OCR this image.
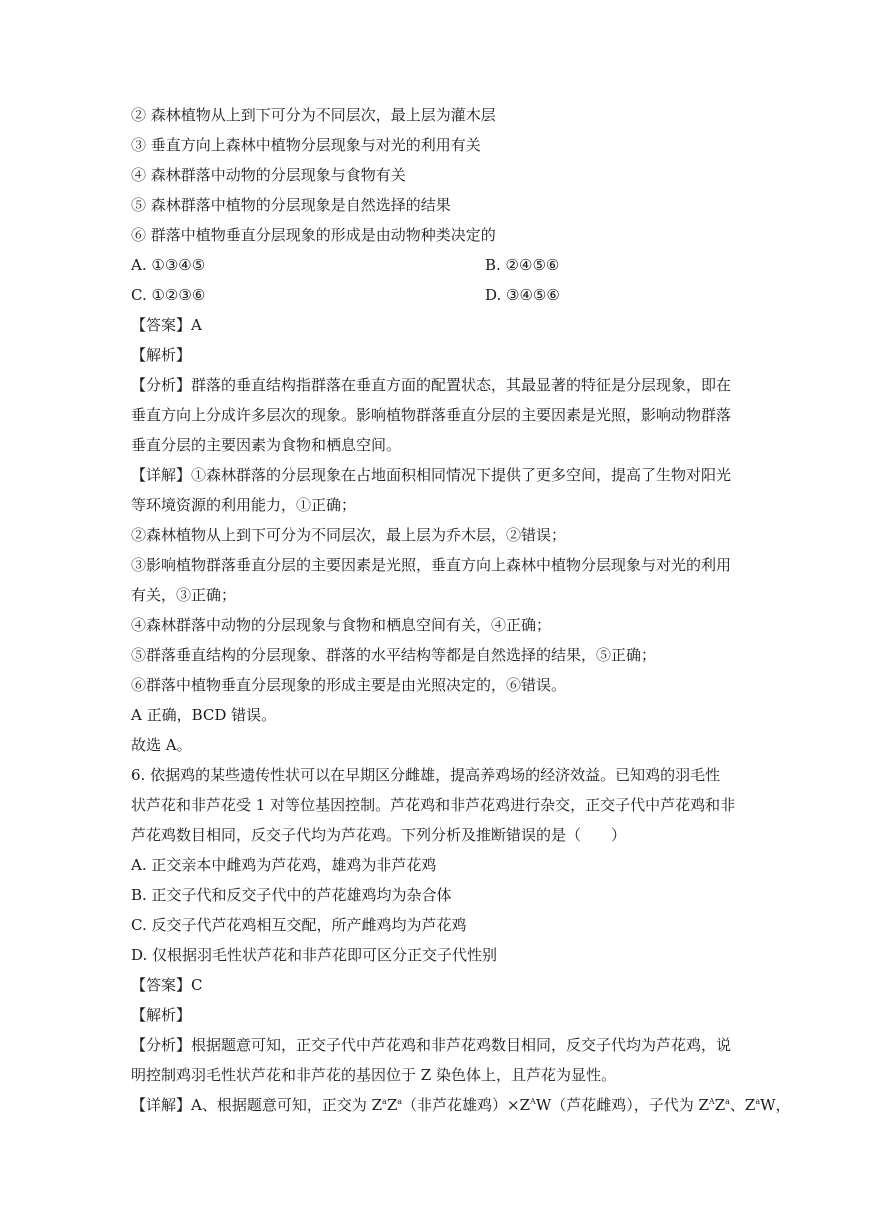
② 森林植物从上到下可分为不同层次，最上层为灌木层
③ 垂直方向上森林中植物分层现象与对光的利用有关
④ 森林群落中动物的分层现象与食物有关
⑤ 森林群落中植物的分层现象是自然选择的结果
⑥ 群落中植物垂直分层现象的形成是由动物种类决定的
A. ①③④⑤	B. ②④⑤⑥
C. ①②③⑥	D. ③④⑤⑥
【答案】A
【解析】
【分析】群落的垂直结构指群落在垂直方面的配置状态，其最显著的特征是分层现象，即在
垂直方向上分成许多层次的现象。影响植物群落垂直分层的主要因素是光照，影响动物群落
垂直分层的主要因素为食物和栖息空间。
【详解】①森林群落的分层现象在占地面积相同情况下提供了更多空间，提高了生物对阳光
等环境资源的利用能力，①正确；
②森林植物从上到下可分为不同层次，最上层为乔木层，②错误；
③影响植物群落垂直分层的主要因素是光照，垂直方向上森林中植物分层现象与对光的利用
有关，③正确；
④森林群落中动物的分层现象与食物和栖息空间有关，④正确；
⑤群落垂直结构的分层现象、群落的水平结构等都是自然选择的结果，⑤正确；
⑥群落中植物垂直分层现象的形成主要是由光照决定的，⑥错误。
A 正确，BCD 错误。
故选 A。
6. 依据鸡的某些遗传性状可以在早期区分雌雄，提高养鸡场的经济效益。已知鸡的羽毛性
状芦花和非芦花受 1 对等位基因控制。芦花鸡和非芦花鸡进行杂交，正交子代中芦花鸡和非
芦花鸡数目相同，反交子代均为芦花鸡。下列分析及推断错误的是（　　）
A. 正交亲本中雌鸡为芦花鸡，雄鸡为非芦花鸡
B. 正交子代和反交子代中的芦花雄鸡均为杂合体
C. 反交子代芦花鸡相互交配，所产雌鸡均为芦花鸡
D. 仅根据羽毛性状芦花和非芦花即可区分正交子代性别
【答案】C
【解析】
【分析】根据题意可知，正交子代中芦花鸡和非芦花鸡数目相同，反交子代均为芦花鸡，说
明控制鸡羽毛性状芦花和非芦花的基因位于 Z 染色体上，且芦花为显性。
【详解】A、根据题意可知，正交为 $Z^aZ^a$（非芦花雄鸡）$\times Z^AW$（芦花雌鸡），子代为 $Z^AZ^a$、$Z^aW$，
